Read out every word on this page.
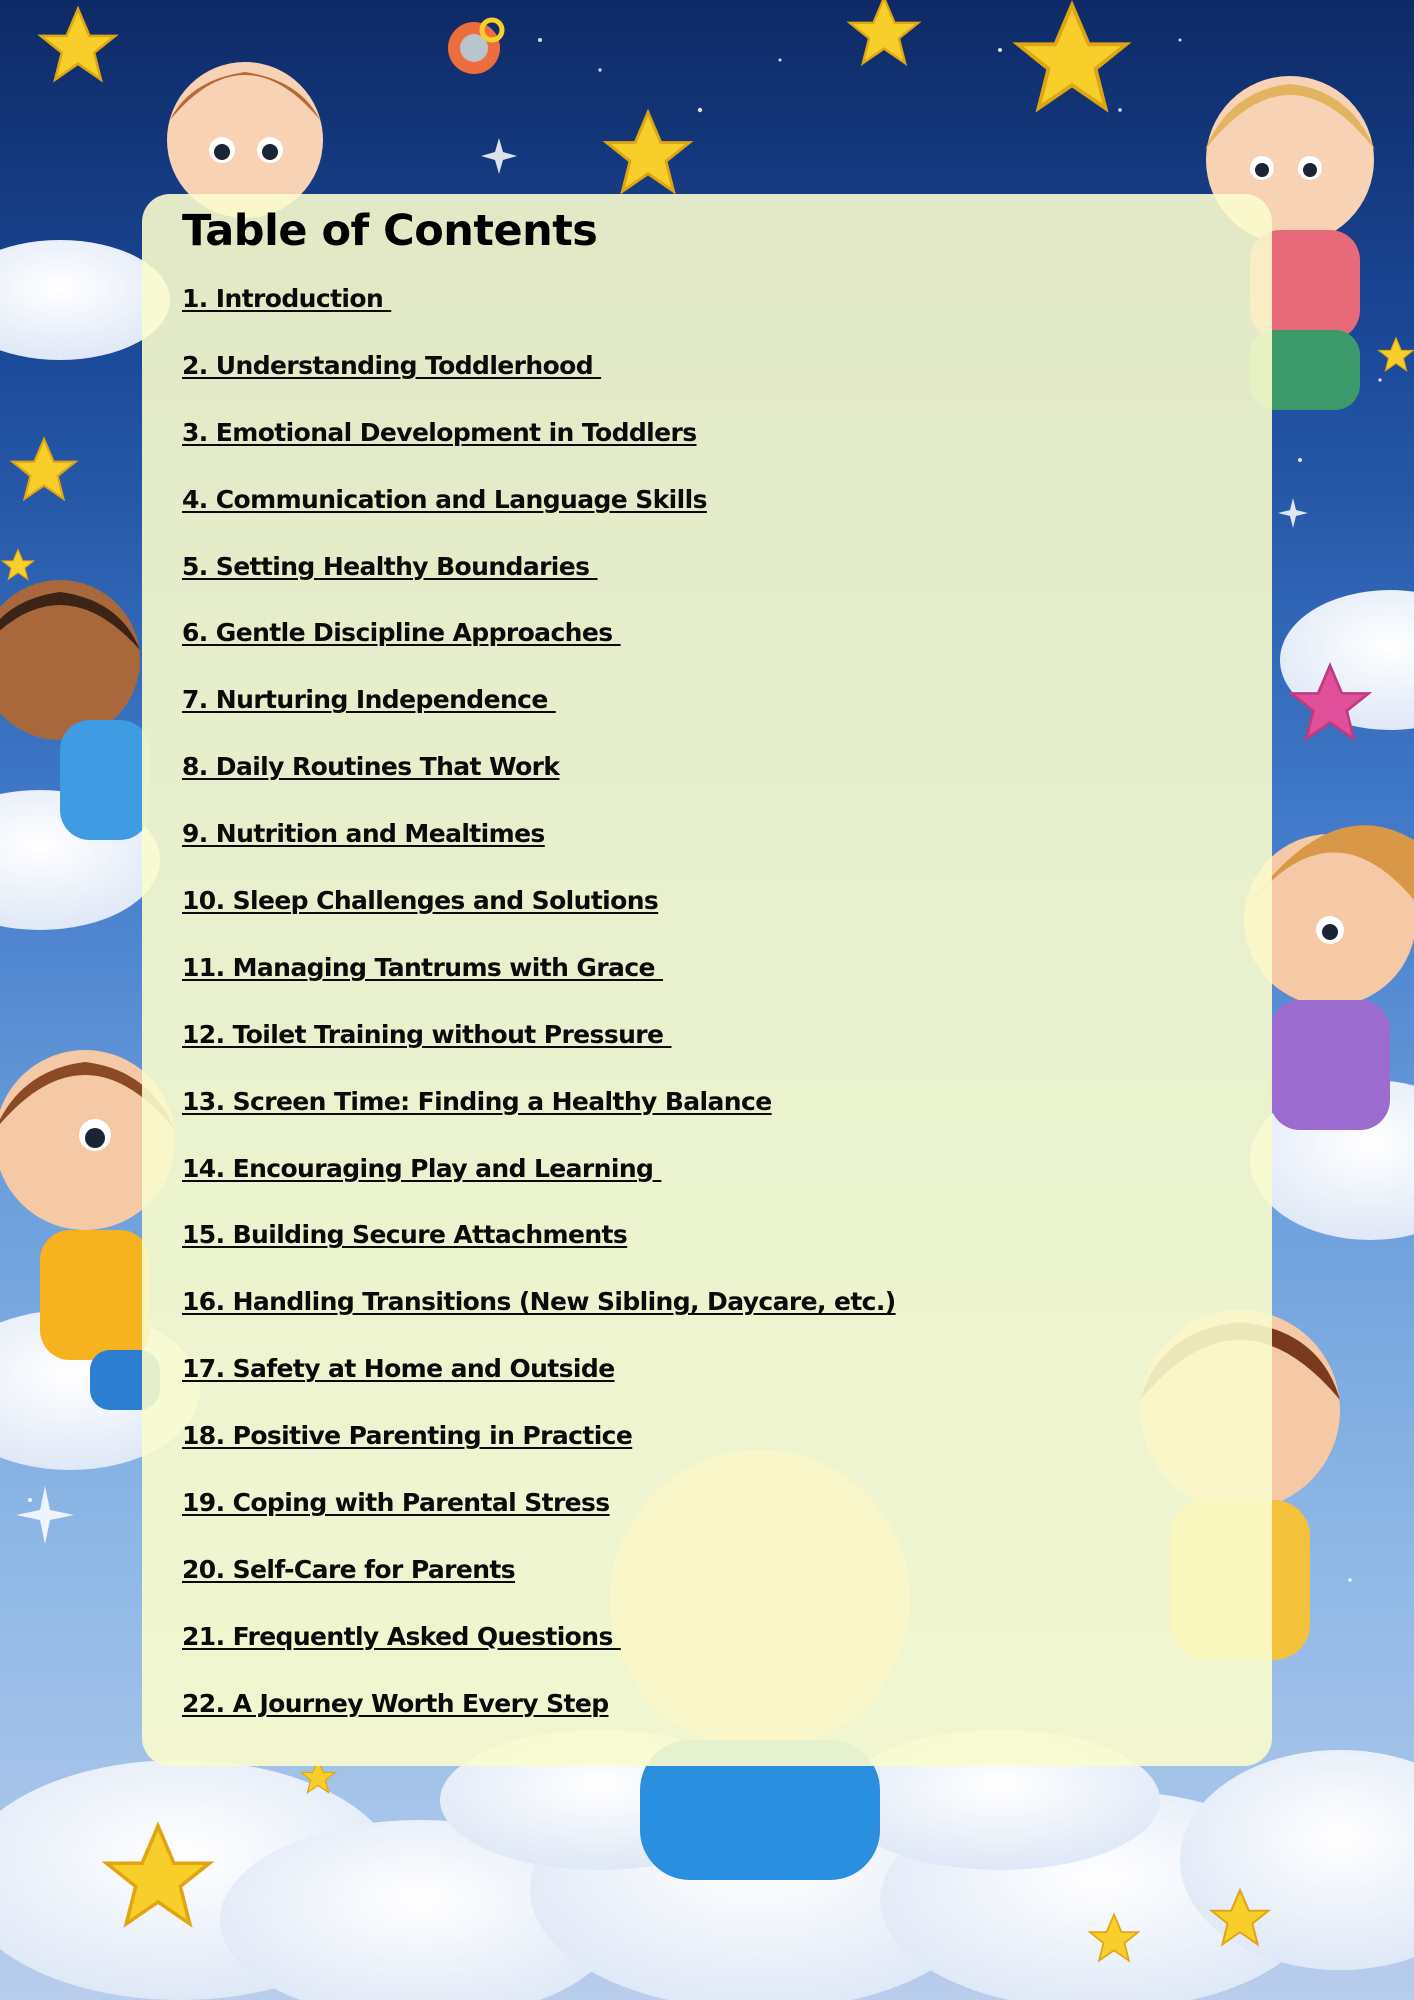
Table of Contents
1. Introduction
2. Understanding Toddlerhood
3. Emotional Development in Toddlers
4. Communication and Language Skills
5. Setting Healthy Boundaries
6. Gentle Discipline Approaches
7. Nurturing Independence
8. Daily Routines That Work
9. Nutrition and Mealtimes
10. Sleep Challenges and Solutions
11. Managing Tantrums with Grace
12. Toilet Training without Pressure
13. Screen Time: Finding a Healthy Balance
14. Encouraging Play and Learning
15. Building Secure Attachments
16. Handling Transitions (New Sibling, Daycare, etc.)
17. Safety at Home and Outside
18. Positive Parenting in Practice
19. Coping with Parental Stress
20. Self-Care for Parents
21. Frequently Asked Questions
22. A Journey Worth Every Step
